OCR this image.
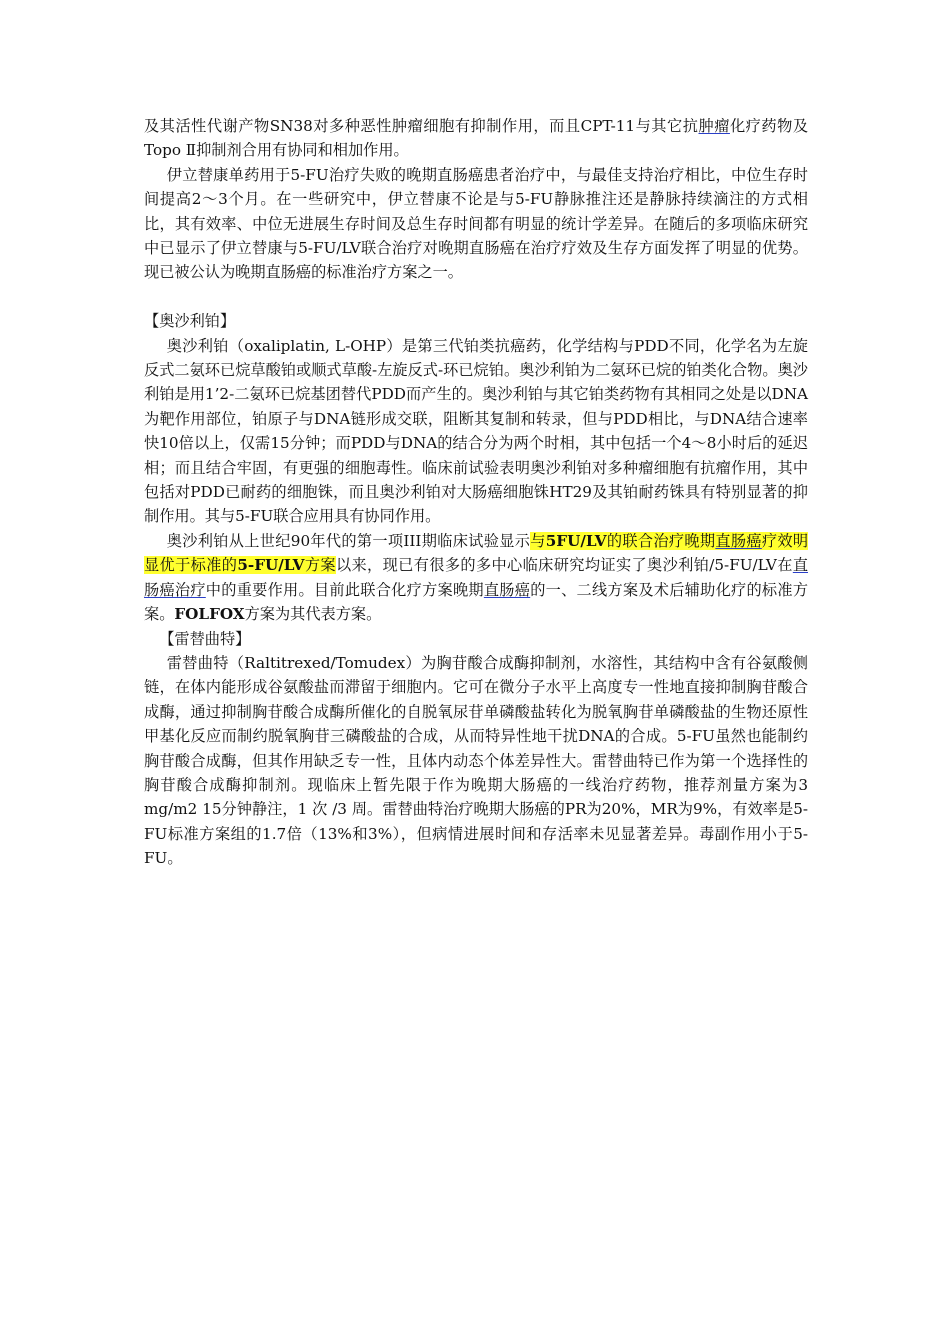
及其活性代谢产物SN38对多种恶性肿瘤细胞有抑制作用，而且CPT-11与其它抗肿瘤化疗药物及Topo Ⅱ抑制剂合用有协同和相加作用。

伊立替康单药用于5-FU治疗失败的晚期直肠癌患者治疗中，与最佳支持治疗相比，中位生存时间提高2～3个月。在一些研究中，伊立替康不论是与5-FU静脉推注还是静脉持续滴注的方式相比，其有效率、中位无进展生存时间及总生存时间都有明显的统计学差异。在随后的多项临床研究中已显示了伊立替康与5-FU/LV联合治疗对晚期直肠癌在治疗疗效及生存方面发挥了明显的优势。现已被公认为晚期直肠癌的标准治疗方案之一。

【奥沙利铂】

奥沙利铂（oxaliplatin, L-OHP）是第三代铂类抗癌药，化学结构与PDD不同，化学名为左旋反式二氨环已烷草酸铂或顺式草酸-左旋反式-环已烷铂。奥沙利铂为二氨环已烷的铂类化合物。奥沙利铂是用1’2-二氨环已烷基团替代PDD而产生的。奥沙利铂与其它铂类药物有其相同之处是以DNA为靶作用部位，铂原子与DNA链形成交联，阻断其复制和转录，但与PDD相比，与DNA结合速率快10倍以上，仅需15分钟；而PDD与DNA的结合分为两个时相，其中包括一个4～8小时后的延迟相；而且结合牢固，有更强的细胞毒性。临床前试验表明奥沙利铂对多种瘤细胞有抗瘤作用，其中包括对PDD已耐药的细胞铢，而且奥沙利铂对大肠癌细胞铢HT29及其铂耐药铢具有特别显著的抑制作用。其与5-FU联合应用具有协同作用。

奥沙利铂从上世纪90年代的第一项III期临床试验显示与5FU/LV的联合治疗晚期直肠癌疗效明显优于标准的5-FU/LV方案以来，现已有很多的多中心临床研究均证实了奥沙利铂/5-FU/LV在直肠癌治疗中的重要作用。目前此联合化疗方案晚期直肠癌的一、二线方案及术后辅助化疗的标准方案。FOLFOX方案为其代表方案。

【雷替曲特】

雷替曲特（Raltitrexed/Tomudex）为胸苷酸合成酶抑制剂，水溶性，其结构中含有谷氨酸侧链，在体内能形成谷氨酸盐而滞留于细胞内。它可在微分子水平上高度专一性地直接抑制胸苷酸合成酶，通过抑制胸苷酸合成酶所催化的自脱氧尿苷单磷酸盐转化为脱氧胸苷单磷酸盐的生物还原性甲基化反应而制约脱氧胸苷三磷酸盐的合成，从而特异性地干扰DNA的合成。5-FU虽然也能制约胸苷酸合成酶，但其作用缺乏专一性，且体内动态个体差异性大。雷替曲特已作为第一个选择性的胸苷酸合成酶抑制剂。现临床上暂先限于作为晚期大肠癌的一线治疗药物，推荐剂量方案为3 mg/m2 15分钟静注，1 次 /3 周。雷替曲特治疗晚期大肠癌的PR为20%，MR为9%，有效率是5-FU标准方案组的1.7倍（13%和3%），但病情进展时间和存活率未见显著差异。毒副作用小于5-FU。
